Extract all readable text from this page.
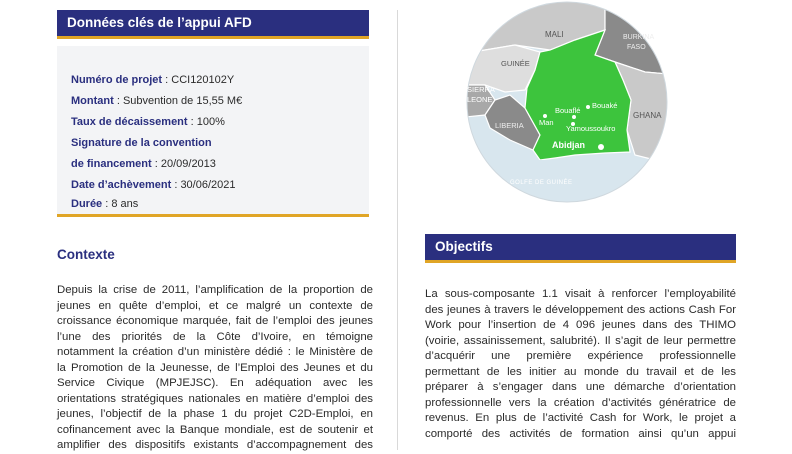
Données clés de l’appui AFD
Numéro de projet : CCI120102Y
Montant : Subvention de 15,55 M€
Taux de décaissement : 100%
Signature de la convention
de financement : 20/09/2013
Date d’achèvement : 30/06/2021
Durée : 8 ans
Contexte
Depuis la crise de 2011, l’amplification de la proportion de
jeunes en quête d’emploi, et ce malgré un contexte de
croissance économique marquée, fait de l’emploi des jeunes
l’une des priorités de la Côte d’Ivoire, en témoigne
notamment la création d’un ministère dédié : le Ministère de
la Promotion de la Jeunesse, de l’Emploi des Jeunes et du
Service Civique (MPJEJSC). En adéquation avec les
orientations stratégiques nationales en matière d’emploi des
jeunes, l’objectif de la phase 1 du projet C2D-Emploi, en
cofinancement avec la Banque mondiale, est de soutenir et
amplifier des dispositifs existants d’accompagnement des
MALI	BURKINA
FASO
GUINÉE
SIERRA
LEONE
LIBERIA
GHANA
Bouaflé
Bouaké
Man
Yamoussoukro
Abidjan
GOLFE DE GUINÉE
Objectifs
La sous-composante 1.1 visait à renforcer l’employabilité
des jeunes à travers le développement des actions Cash For
Work pour l’insertion de 4 096 jeunes dans des THIMO
(voirie, assainissement, salubrité). Il s’agit de leur permettre
d’acquérir une première expérience professionnelle
permettant de les initier au monde du travail et de les
préparer à s’engager dans une démarche d’orientation
professionnelle vers la création d’activités génératrice de
revenus. En plus de l’activité Cash for Work, le projet a
comporté des activités de formation ainsi qu’un appui
